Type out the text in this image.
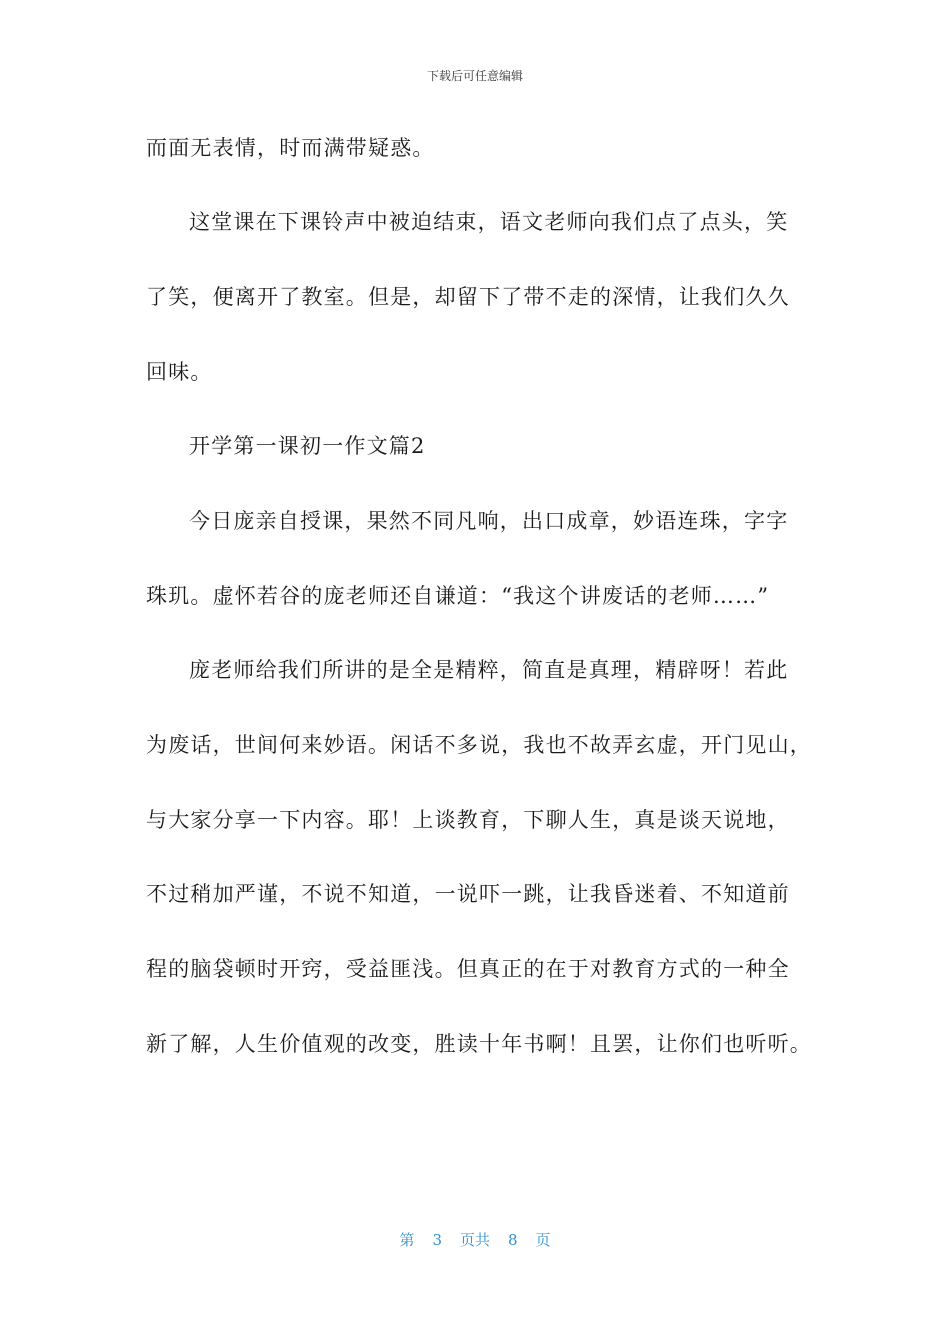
下载后可任意编辑
而面无表情，时而满带疑惑。
这堂课在下课铃声中被迫结束，语文老师向我们点了点头，笑
了笑，便离开了教室。但是，却留下了带不走的深情，让我们久久
回味。
开学第一课初一作文篇2
今日庞亲自授课，果然不同凡响，出口成章，妙语连珠，字字
珠玑。虚怀若谷的庞老师还自谦道：“我这个讲废话的老师……”
庞老师给我们所讲的是全是精粹，简直是真理，精辟呀！若此
为废话，世间何来妙语。闲话不多说，我也不故弄玄虚，开门见山，
与大家分享一下内容。耶！上谈教育，下聊人生，真是谈天说地，
不过稍加严谨，不说不知道，一说吓一跳，让我昏迷着、不知道前
程的脑袋顿时开窍，受益匪浅。但真正的在于对教育方式的一种全
新了解，人生价值观的改变，胜读十年书啊！且罢，让你们也听听。
第 3 页共 8 页
